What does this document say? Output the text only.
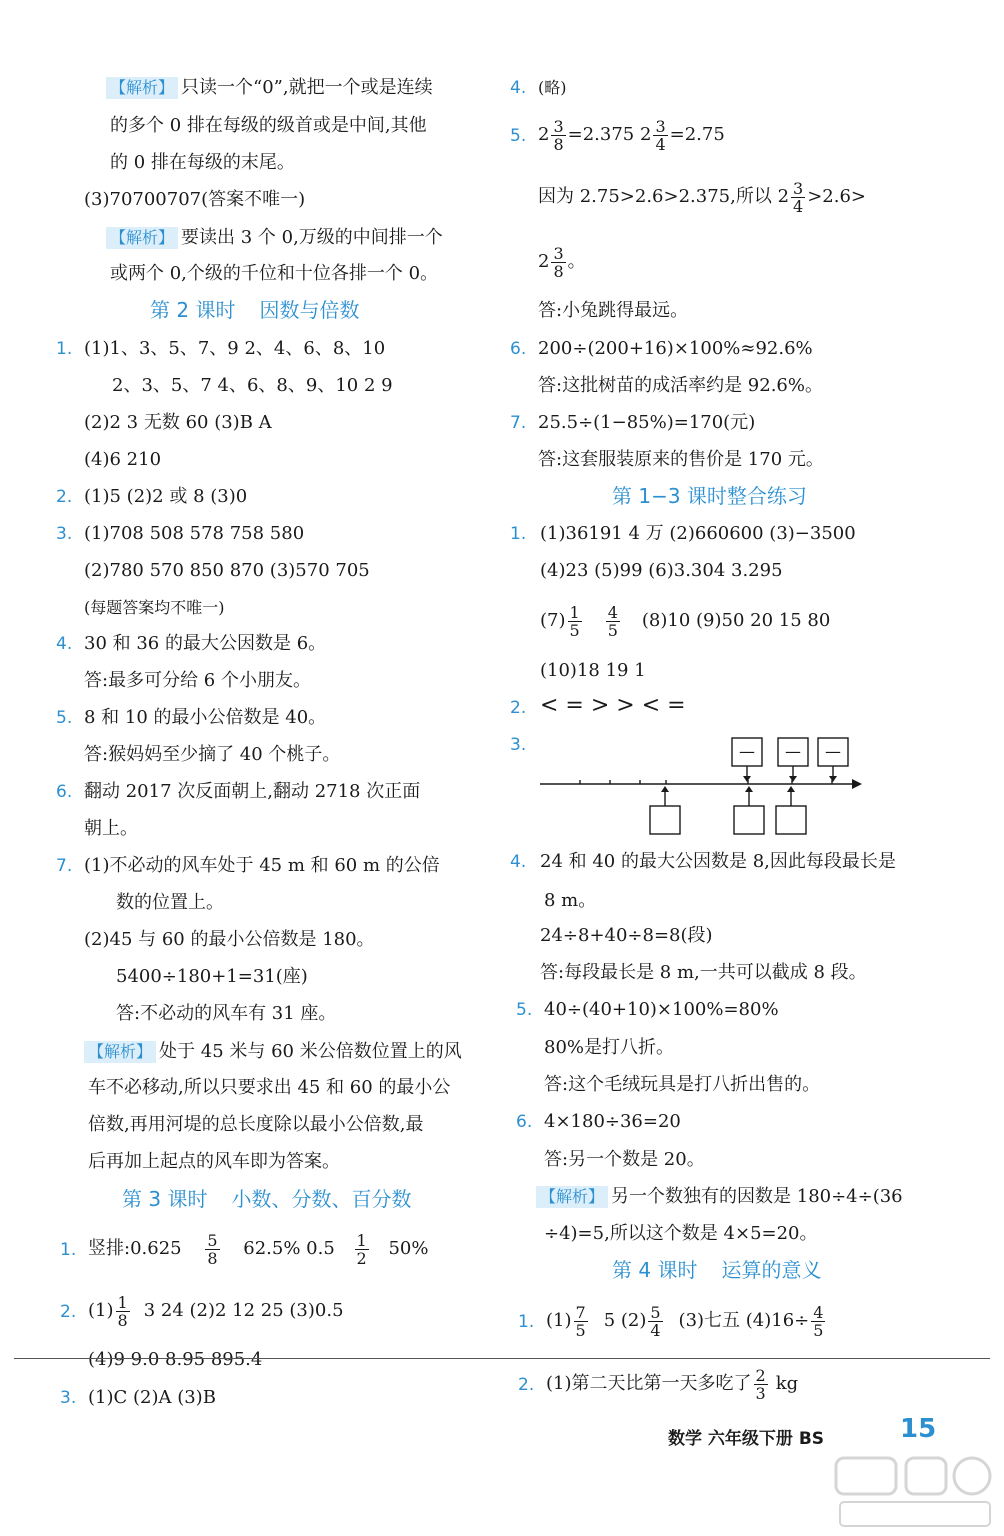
【解析】 只读一个“0”,就把一个或是连续
的多个 0 排在每级的级首或是中间,其他
的 0 排在每级的末尾。
(3)70700707(答案不唯一)
【解析】 要读出 3 个 0,万级的中间排一个
或两个 0,个级的千位和十位各排一个 0。
第 2 课时 因数与倍数
1. (1)1、3、5、7、9 2、4、6、8、10
2、3、5、7 4、6、8、9、10 2 9
(2)2 3 无数 60 (3)B A
(4)6 210
2. (1)5 (2)2 或 8 (3)0
3. (1)708 508 578 758 580
(2)780 570 850 870 (3)570 705
(每题答案均不唯一)
4. 30 和 36 的最大公因数是 6。
答:最多可分给 6 个小朋友。
5. 8 和 10 的最小公倍数是 40。
答:猴妈妈至少摘了 40 个桃子。
6. 翻动 2017 次反面朝上,翻动 2718 次正面
朝上。
7. (1)不必动的风车处于 45 m 和 60 m 的公倍
数的位置上。
(2)45 与 60 的最小公倍数是 180。
5400÷180+1=31(座)
答:不必动的风车有 31 座。
【解析】 处于 45 米与 60 米公倍数位置上的风
车不必移动,所以只要求出 45 和 60 的最小公
倍数,再用河堤的总长度除以最小公倍数,最
后再加上起点的风车即为答案。
第 3 课时 小数、分数、百分数
1. 竖排:0.625 $\frac{5}{8} 62.5\%$ $0.5 \frac{1}{2} 50\%$
2. $(1) \frac{1}{8} 3$ 24 (2)2 12 25 (3)0.5
(4)9 9.0 8.95 895.4
3. (1)C (2)A (3)B
4. (略)
5. $2 \frac{3}{8} =2.375$ $2 \frac{3}{4} =2.75$
因为 2.75>2.6>2.375,所以 $2 \frac{3}{4} >2.6>$
$2 \frac{3}{8}$ 。
答:小兔跳得最远。
6. 200÷(200+16)×100%≈92.6%
答:这批树苗的成活率约是 92.6%。
7. 25.5÷(1−85%)=170(元)
答:这套服装原来的售价是 170 元。
第 1−3 课时整合练习
1. (1)36191 4 万 (2)660600 (3)−3500
(4)23 (5)99 (6)3.304 3.295
$(7) \frac{1}{5} \frac{4}{5} (8)10$ (9)50 20 15 80
(10)18 19 1
2. < = > > < =
3.
4. 24 和 40 的最大公因数是 8,因此每段最长是
8 m。
24÷8+40÷8=8(段)
答:每段最长是 8 m,一共可以截成 8 段。
5. 40÷(40+10)×100%=80%
80%是打八折。
答:这个毛绒玩具是打八折出售的。
6. 4×180÷36=20
答:另一个数是 20。
【解析】 另一个数独有的因数是 180÷4÷(36
÷4)=5,所以这个数是 4×5=20。
第 4 课时 运算的意义
1. $(1) \frac{7}{5} 5$ $(2) \frac{5}{4} (3)$七五 $(4)16\div \frac{4}{5}$
2. (1)第二天比第一天多吃了 $\frac{2}{3}$ kg
— — —
数学 六年级下册 BS	15
